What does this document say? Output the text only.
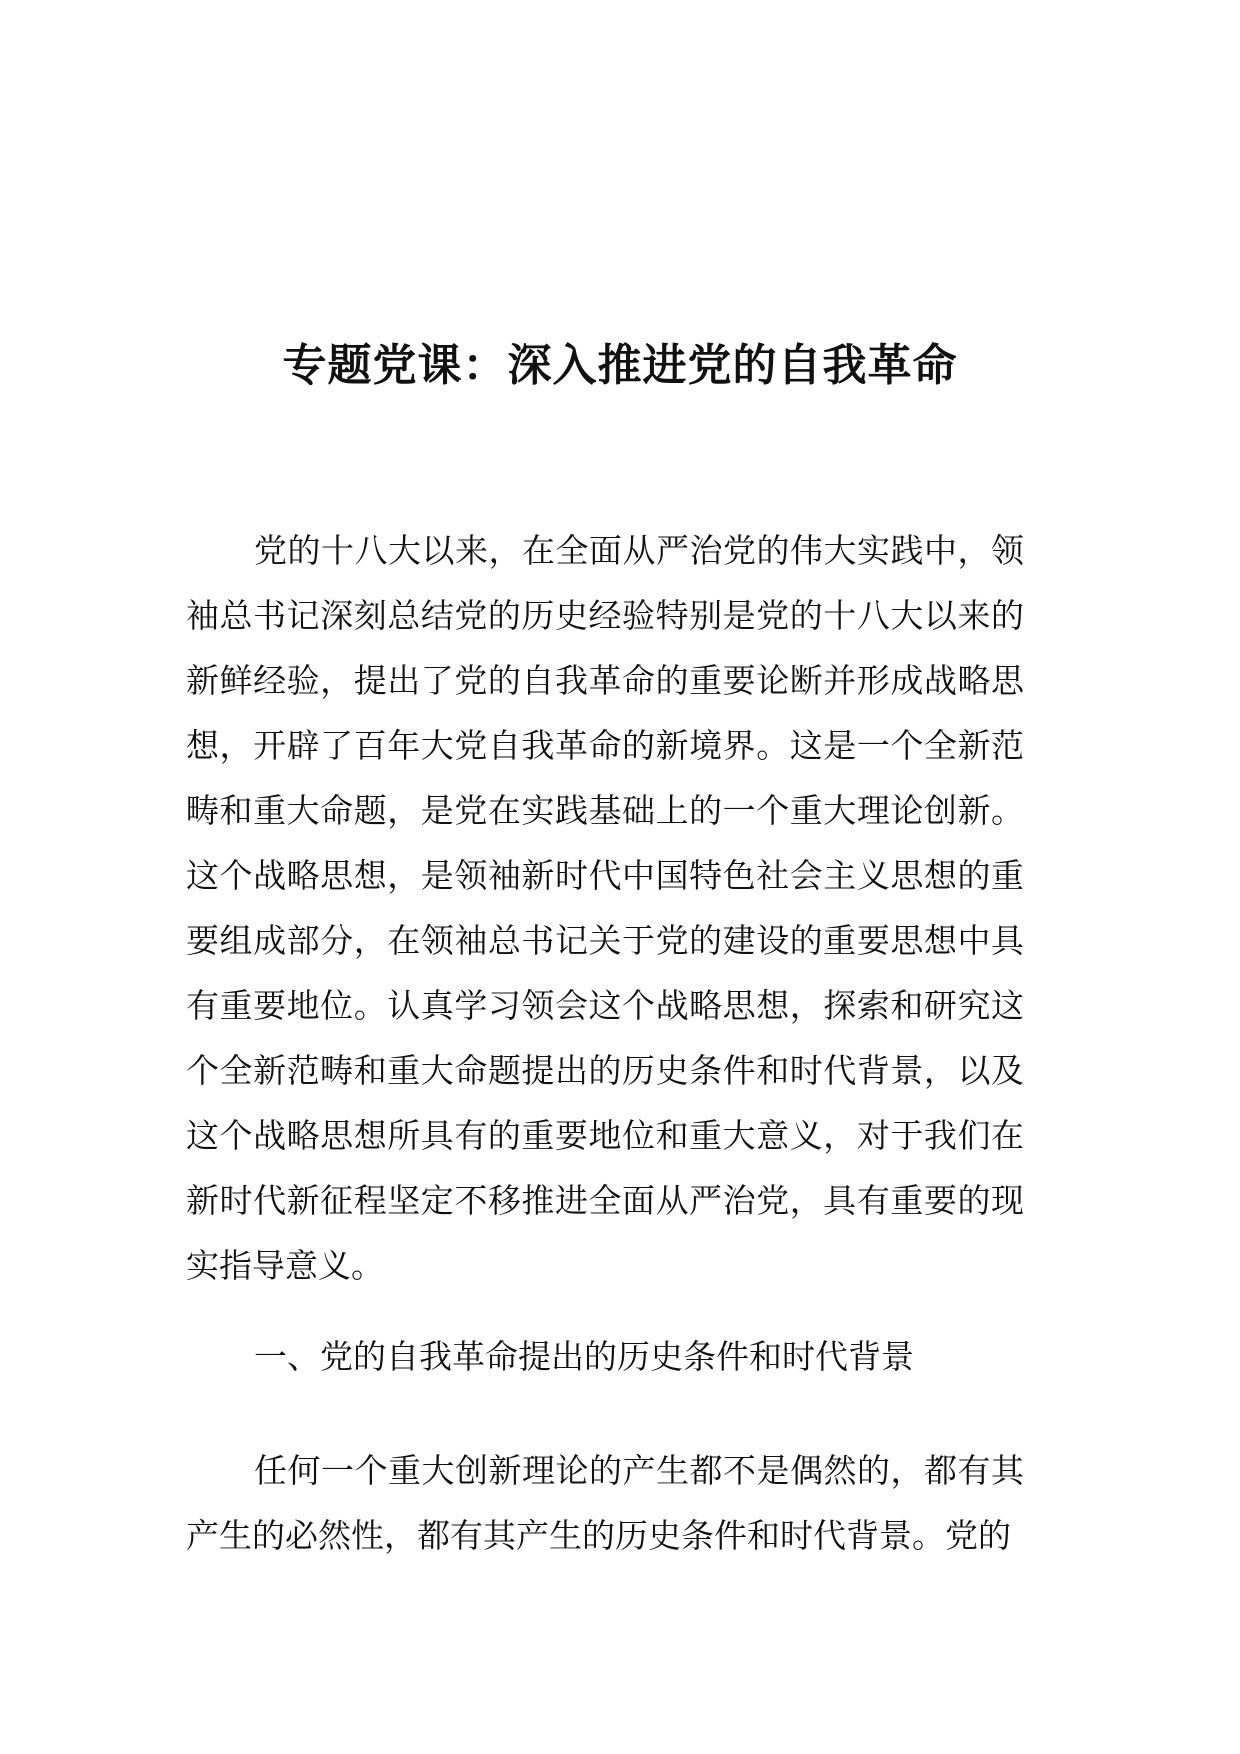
专题党课：深入推进党的自我革命

党的十八大以来，在全面从严治党的伟大实践中，领袖总书记深刻总结党的历史经验特别是党的十八大以来的新鲜经验，提出了党的自我革命的重要论断并形成战略思想，开辟了百年大党自我革命的新境界。这是一个全新范畴和重大命题，是党在实践基础上的一个重大理论创新。这个战略思想，是领袖新时代中国特色社会主义思想的重要组成部分，在领袖总书记关于党的建设的重要思想中具有重要地位。认真学习领会这个战略思想，探索和研究这个全新范畴和重大命题提出的历史条件和时代背景，以及这个战略思想所具有的重要地位和重大意义，对于我们在新时代新征程坚定不移推进全面从严治党，具有重要的现实指导意义。

一、党的自我革命提出的历史条件和时代背景

任何一个重大创新理论的产生都不是偶然的，都有其产生的必然性，都有其产生的历史条件和时代背景。党的
